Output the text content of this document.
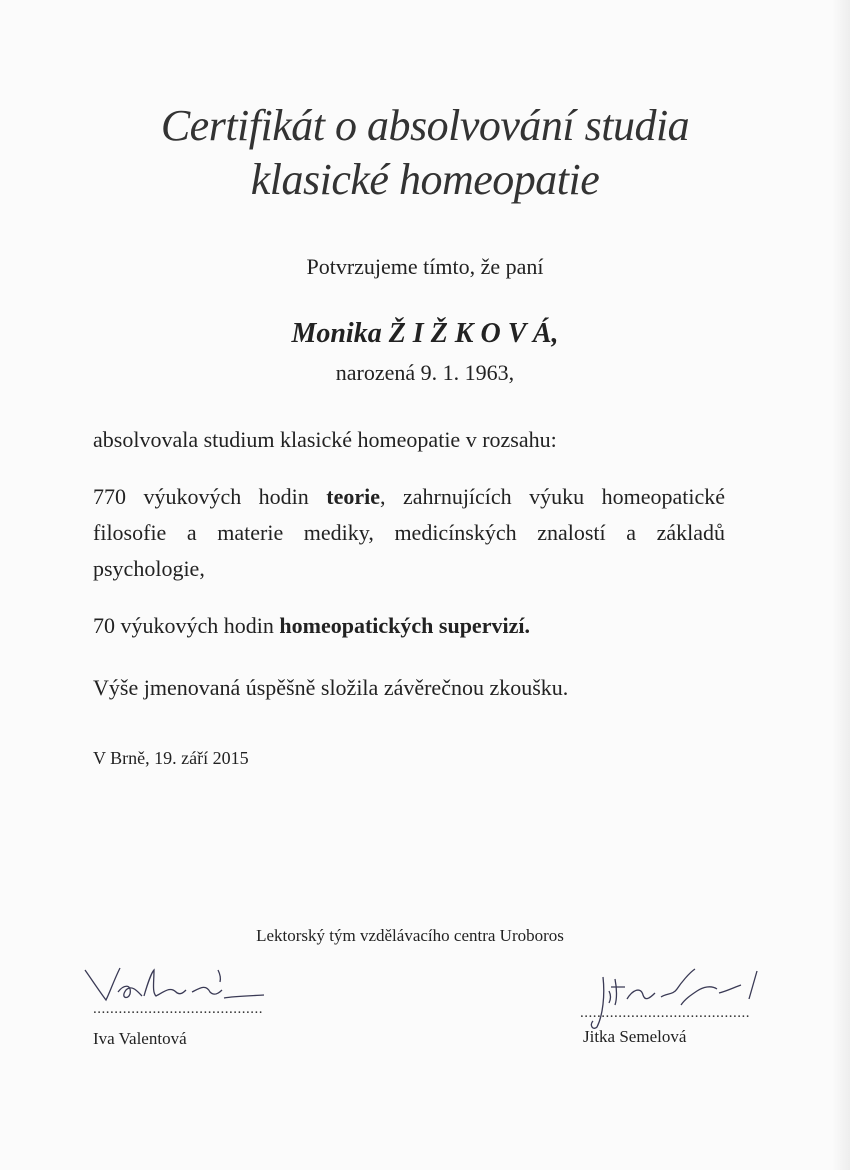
Certifikát o absolvování studia
klasické homeopatie
Potvrzujeme tímto, že paní
Monika Ž I Ž K O V Á,
narozená 9. 1. 1963,
absolvovala studium klasické homeopatie v rozsahu:
770 výukových hodin teorie, zahrnujících výuku homeopatické filosofie a materie mediky, medicínských znalostí a základů psychologie,
70 výukových hodin homeopatických supervizí.
Výše jmenovaná úspěšně složila závěrečnou zkoušku.
V Brně, 19. září 2015
Lektorský tým vzdělávacího centra Uroboros
........................................
Iva Valentová
........................................
Jitka Semelová
